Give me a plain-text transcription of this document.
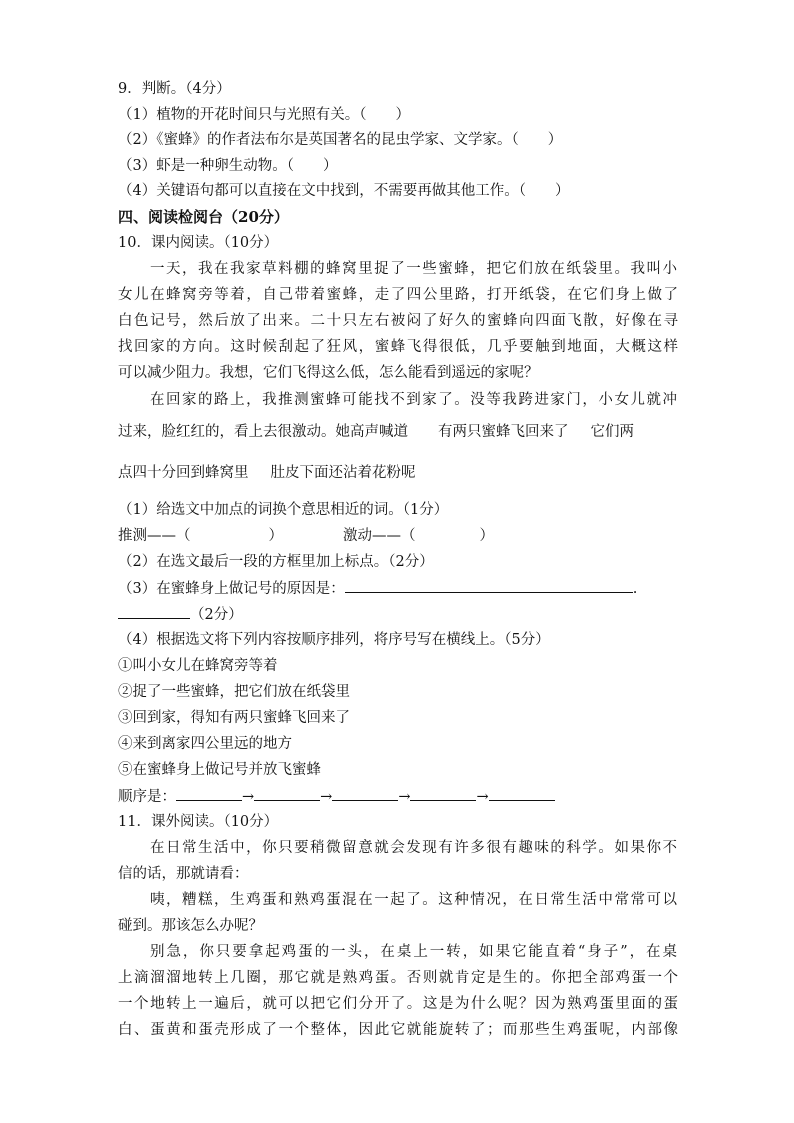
9．判断。（4分）
（1）植物的开花时间只与光照有关。（　　）
（2）《蜜蜂》的作者法布尔是英国著名的昆虫学家、文学家。（　　）
（3）虾是一种卵生动物。（　　）
（4）关键语句都可以直接在文中找到，不需要再做其他工作。（　　）
四、阅读检阅台（20分）
10．课内阅读。（10分）
一天，我在我家草料棚的蜂窝里捉了一些蜜蜂，把它们放在纸袋里。我叫小
女儿在蜂窝旁等着，自己带着蜜蜂，走了四公里路，打开纸袋，在它们身上做了
白色记号，然后放了出来。二十只左右被闷了好久的蜜蜂向四面飞散，好像在寻
找回家的方向。这时候刮起了狂风，蜜蜂飞得很低，几乎要触到地面，大概这样
可以减少阻力。我想，它们飞得这么低，怎么能看到遥远的家呢？
在回家的路上，我推测蜜蜂可能找不到家了。没等我跨进家门，小女儿就冲
过来，脸红红的，看上去很激动。她高声喊道 有两只蜜蜂飞回来了 它们两
点四十分回到蜂窝里 肚皮下面还沾着花粉呢
（1）给选文中加点的词换个意思相近的词。（1分）
推测——（	）	激动——（	）
（2）在选文最后一段的方框里加上标点。（2分）
（3）在蜜蜂身上做记号的原因是：	.
（2分）
（4）根据选文将下列内容按顺序排列，将序号写在横线上。（5分）
①叫小女儿在蜂窝旁等着
②捉了一些蜜蜂，把它们放在纸袋里
③回到家，得知有两只蜜蜂飞回来了
④来到离家四公里远的地方
⑤在蜜蜂身上做记号并放飞蜜蜂
顺序是：	→	→	→	→
11．课外阅读。（10分）
在日常生活中，你只要稍微留意就会发现有许多很有趣味的科学。如果你不
信的话，那就请看：
咦，糟糕，生鸡蛋和熟鸡蛋混在一起了。这种情况，在日常生活中常常可以
碰到。那该怎么办呢？
别急，你只要拿起鸡蛋的一头，在桌上一转，如果它能直着“身子”，在桌
上滴溜溜地转上几圈，那它就是熟鸡蛋。否则就肯定是生的。你把全部鸡蛋一个
一个地转上一遍后，就可以把它们分开了。这是为什么呢？因为熟鸡蛋里面的蛋
白、蛋黄和蛋壳形成了一个整体，因此它就能旋转了；而那些生鸡蛋呢，内部像
